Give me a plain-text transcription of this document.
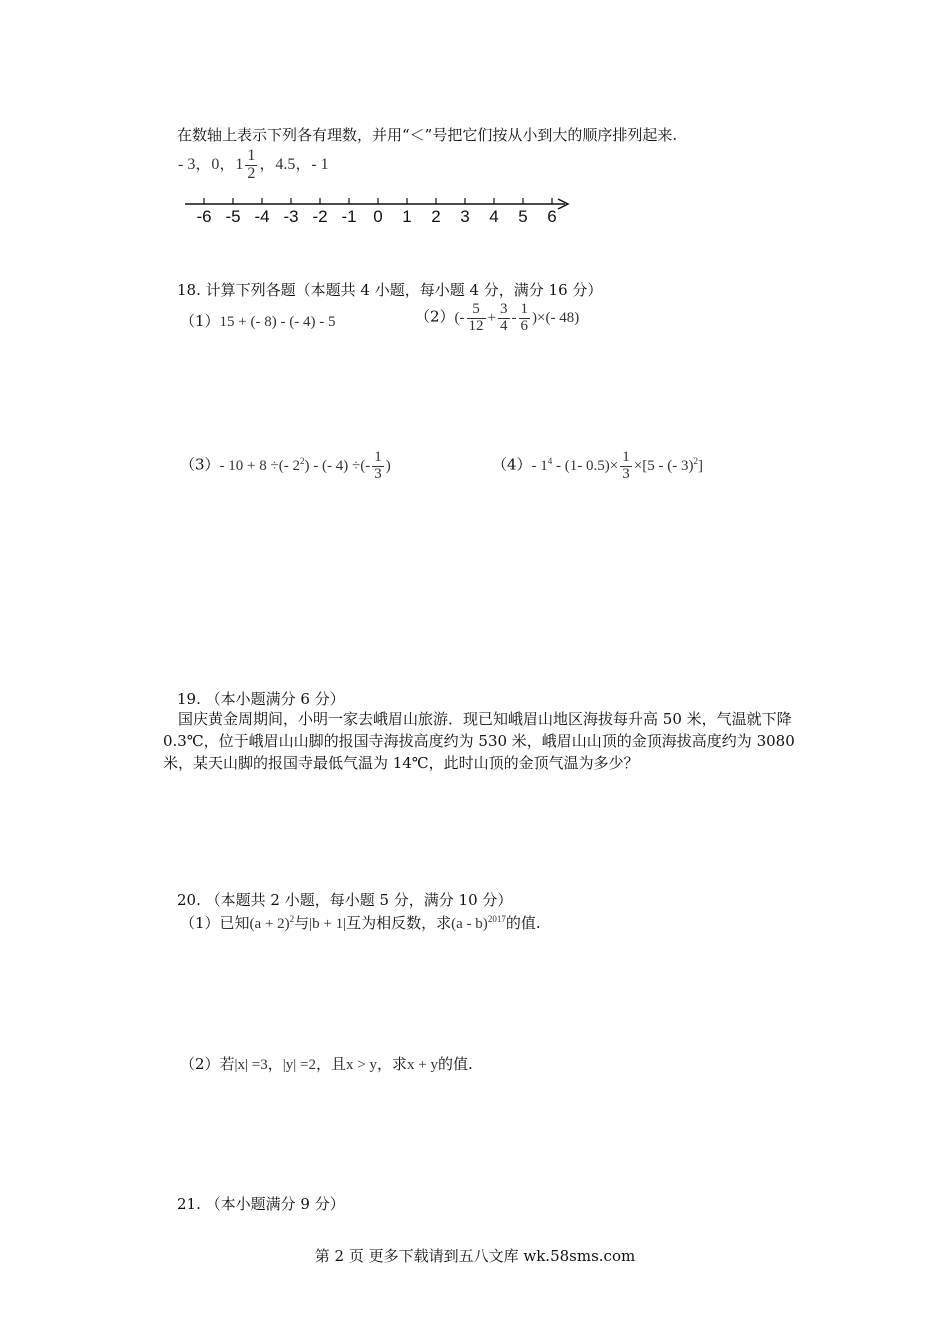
在数轴上表示下列各有理数，并用“＜”号把它们按从小到大的顺序排列起来.
- 3，0，$1 \frac{1}{2}$ ，4.5，- 1
-6 -5 -4 -3 -2 -1 0 1 2 3 4 5 6
18. 计算下列各题（本题共 4 小题，每小题 4 分，满分 16 分）
（1）15 + (- 8) - (- 4) - 5	$(2)(- \frac{5}{12} + \frac{3}{4} - \frac{1}{6}$ )×(- 48)
（3）- 10 + 8 ÷(- $2^2$) - (- 4) ÷(- $\frac{1}{3}$ )	（4）- $1^4 - (1-$ $0.5)\times \frac{1}{3} \times[5$ - (- 3)$^2$]
19. （本小题满分 6 分）
国庆黄金周期间，小明一家去峨眉山旅游．现已知峨眉山地区海拔每升高 50 米，气温就下降 0.3℃，位于峨眉山山脚的报国寺海拔高度约为 530 米，峨眉山山顶的金顶海拔高度约为 3080 米，某天山脚的报国寺最低气温为 14℃，此时山顶的金顶气温为多少？
20. （本题共 2 小题，每小题 5 分，满分 10 分）
（1）已知$(a + 2)^2$与|b + 1|互为相反数，求(a - b)$^{2017}$的值.
（2）若|x| =3，|y| =2，且x > y，求x + y的值.
21. （本小题满分 9 分）
第 2 页 更多下载请到五八文库 wk.58sms.com
